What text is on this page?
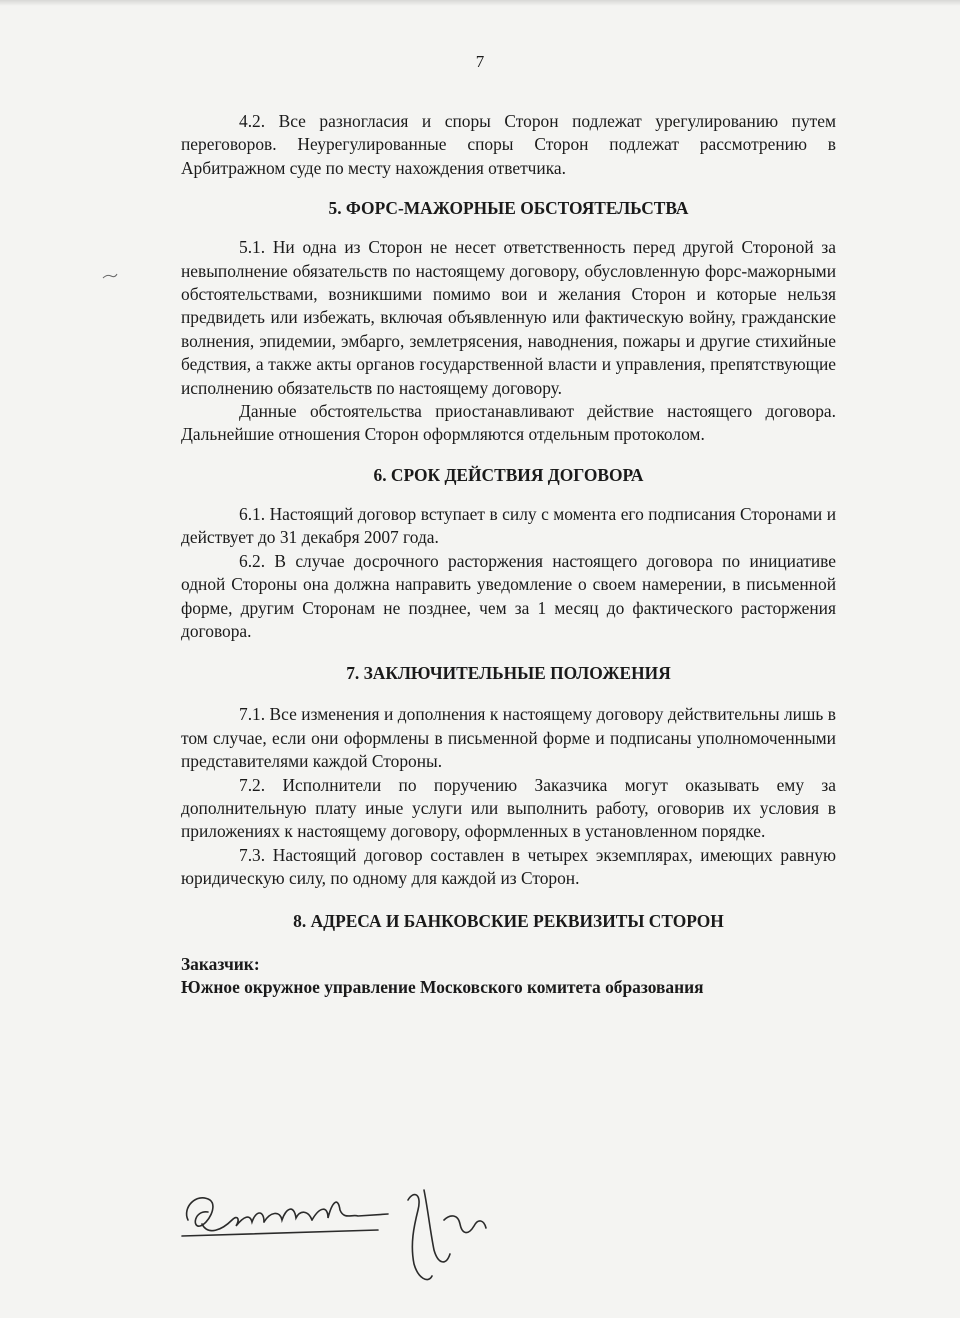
7

4.2. Все разногласия и споры Сторон подлежат урегулированию путем переговоров. Неурегулированные споры Сторон подлежат рассмотрению в Арбитражном суде по месту нахождения ответчика.

5. ФОРС-МАЖОРНЫЕ ОБСТОЯТЕЛЬСТВА

5.1. Ни одна из Сторон не несет ответственность перед другой Стороной за невыполнение обязательств по настоящему договору, обусловленную форс-мажорными обстоятельствами, возникшими помимо вои и желания Сторон и которые нельзя предвидеть или избежать, включая объявленную или фактическую войну, гражданские волнения, эпидемии, эмбарго, землетрясения, наводнения, пожары и другие стихийные бедствия, а также акты органов государственной власти и управления, препятствующие исполнению обязательств по настоящему договору.

Данные обстоятельства приостанавливают действие настоящего договора. Дальнейшие отношения Сторон оформляются отдельным протоколом.

6. СРОК ДЕЙСТВИЯ ДОГОВОРА

6.1. Настоящий договор вступает в силу с момента его подписания Сторонами и действует до 31 декабря 2007 года.

6.2. В случае досрочного расторжения настоящего договора по инициативе одной Стороны она должна направить уведомление о своем намерении, в письменной форме, другим Сторонам не позднее, чем за 1 месяц до фактического расторжения договора.

7. ЗАКЛЮЧИТЕЛЬНЫЕ ПОЛОЖЕНИЯ

7.1. Все изменения и дополнения к настоящему договору действительны лишь в том случае, если они оформлены в письменной форме и подписаны уполномоченными представителями каждой Стороны.

7.2. Исполнители по поручению Заказчика могут оказывать ему за дополнительную плату иные услуги или выполнить работу, оговорив их условия в приложениях к настоящему договору, оформленных в установленном порядке.

7.3. Настоящий договор составлен в четырех экземплярах, имеющих равную юридическую силу, по одному для каждой из Сторон.

8. АДРЕСА И БАНКОВСКИЕ РЕКВИЗИТЫ СТОРОН
Заказчик:
Южное окружное управление Московского комитета образования
